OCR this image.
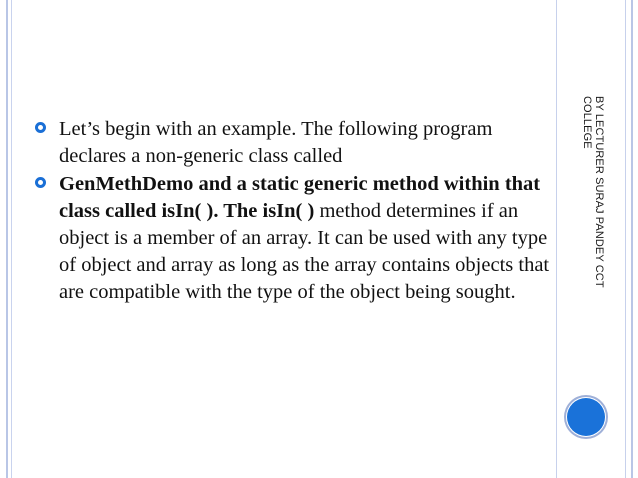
BY LECTURER SURAJ PANDEY CCT
COLLEGE
Let’s begin with an example. The following program declares a non-generic class called
GenMethDemo and a static generic method within that class called isIn( ). The isIn( ) method determines if an object is a member of an array. It can be used with any type of object and array as long as the array contains objects that are compatible with the type of the object being sought.
